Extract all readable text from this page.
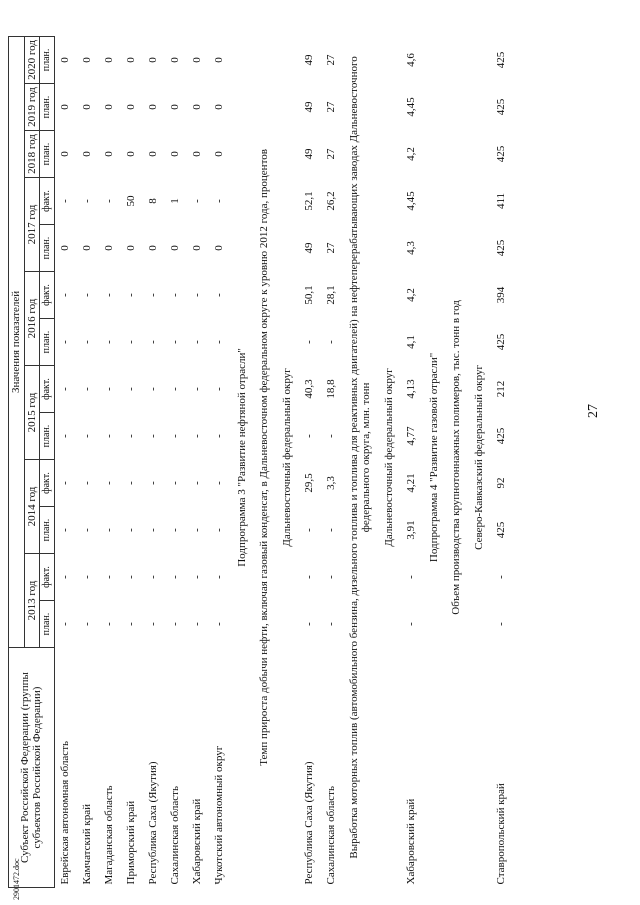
27
2901472.doc
Субъект Российской Федерации (группы субъектов Российской Федерации)	Значения показателей													
	2013 год		2014 год		2015 год		2016 год		2017 год		2018 год	2019 год	2020 год	
	план.	факт.	план.	факт.	план.	факт.	план.	факт.	план.	факт.	план.	план.	план.	
Еврейская автономная область	-	-	-	-	-	-	-	-	0	-	0	0	0	
Камчатский край	-	-	-	-	-	-	-	-	0	-	0	0	0	
Магаданская область	-	-	-	-	-	-	-	-	0	-	0	0	0	
Приморский край	-	-	-	-	-	-	-	-	0	50	0	0	0	
Республика Саха (Якутия)	-	-	-	-	-	-	-	-	0	8	0	0	0	
Сахалинская область	-	-	-	-	-	-	-	-	0	1	0	0	0	
Хабаровский край	-	-	-	-	-	-	-	-	0	-	0	0	0	
Чукотский автономный округ	-	-	-	-	-	-	-	-	0	-	0	0	0	
Подпрограмма 3 "Развитие нефтяной отрасли"														
Темп прироста добычи нефти, включая газовый конденсат, в Дальневосточном федеральном округе к уровню 2012 года, процентов														
Дальневосточный федеральный округ														
Республика Саха (Якутия)	-	-	-	29,5	-	40,3	-	50,1	49	52,1	49	49	49	
Сахалинская область	-	-	-	3,3	-	18,8	-	28,1	27	26,2	27	27	27	
Выработка моторных топлив (автомобильного бензина, дизельного топлива и топлива для реактивных двигателей) на нефтеперерабатывающих заводах Дальневосточного федерального округа, млн. тонн														
Дальневосточный федеральный округ														
Хабаровский край	-	-	3,91	4,21	4,77	4,13	4,1	4,2	4,3	4,45	4,2	4,45	4,6	
Подпрограмма 4 "Развитие газовой отрасли"														
Объем производства крупнотоннажных полимеров, тыс. тонн в год														
Северо-Кавказский федеральный округ														
Ставропольский край	-	-	425	92	425	212	425	394	425	411	425	425	425	
